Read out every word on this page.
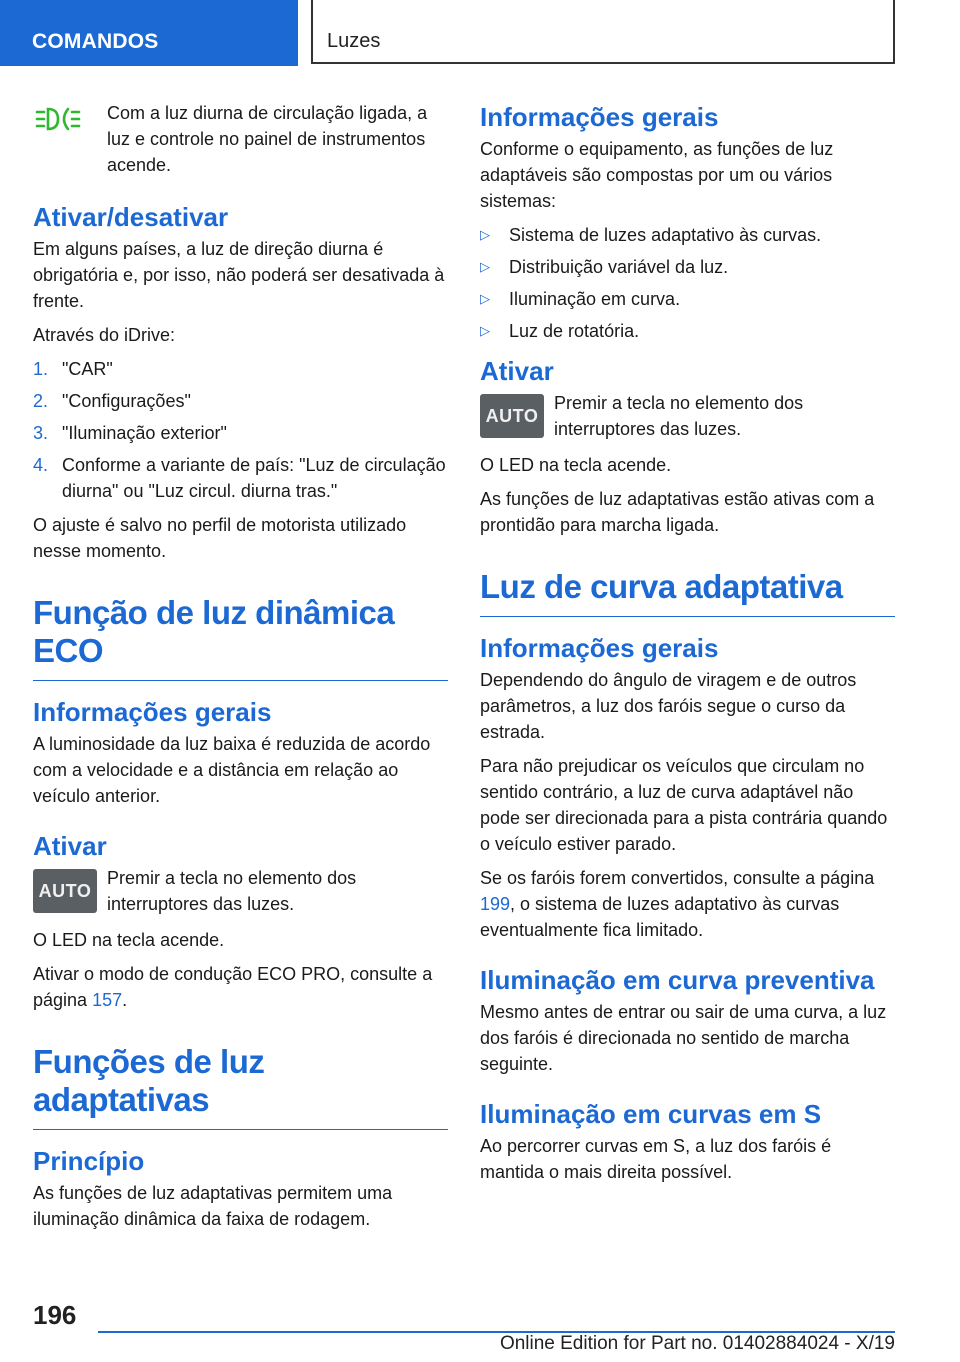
COMANDOS	Luzes

Com a luz diurna de circulação ligada, a luz e controle no painel de instrumentos acende.

Ativar/desativar

Em alguns países, a luz de direção diurna é obrigatória e, por isso, não poderá ser desativada à frente.

Através do iDrive:

1. "CAR"
2. "Configurações"
3. "Iluminação exterior"
4. Conforme a variante de país: "Luz de circulação diurna" ou "Luz circul. diurna tras."

O ajuste é salvo no perfil de motorista utilizado nesse momento.

Função de luz dinâmica ECO
Informações gerais

A luminosidade da luz baixa é reduzida de acordo com a velocidade e a distância em relação ao veículo anterior.

Ativar
AUTO

Premir a tecla no elemento dos interruptores das luzes.

O LED na tecla acende.

Ativar o modo de condução ECO PRO, consulte a página 157.

Funções de luz adaptativas
Princípio

As funções de luz adaptativas permitem uma iluminação dinâmica da faixa de rodagem.

Informações gerais

Conforme o equipamento, as funções de luz adaptáveis são compostas por um ou vários sistemas:

▷	Sistema de luzes adaptativo às curvas.
▷	Distribuição variável da luz.
▷	Iluminação em curva.
▷	Luz de rotatória.
Ativar
AUTO

Premir a tecla no elemento dos interruptores das luzes.

O LED na tecla acende.

As funções de luz adaptativas estão ativas com a prontidão para marcha ligada.

Luz de curva adaptativa
Informações gerais

Dependendo do ângulo de viragem e de outros parâmetros, a luz dos faróis segue o curso da estrada.

Para não prejudicar os veículos que circulam no sentido contrário, a luz de curva adaptável não pode ser direcionada para a pista contrária quando o veículo estiver parado.

Se os faróis forem convertidos, consulte a página 199, o sistema de luzes adaptativo às curvas eventualmente fica limitado.

Iluminação em curva preventiva

Mesmo antes de entrar ou sair de uma curva, a luz dos faróis é direcionada no sentido de marcha seguinte.

Iluminação em curvas em S

Ao percorrer curvas em S, a luz dos faróis é mantida o mais direita possível.

196
Online Edition for Part no. 01402884024 - X/19
